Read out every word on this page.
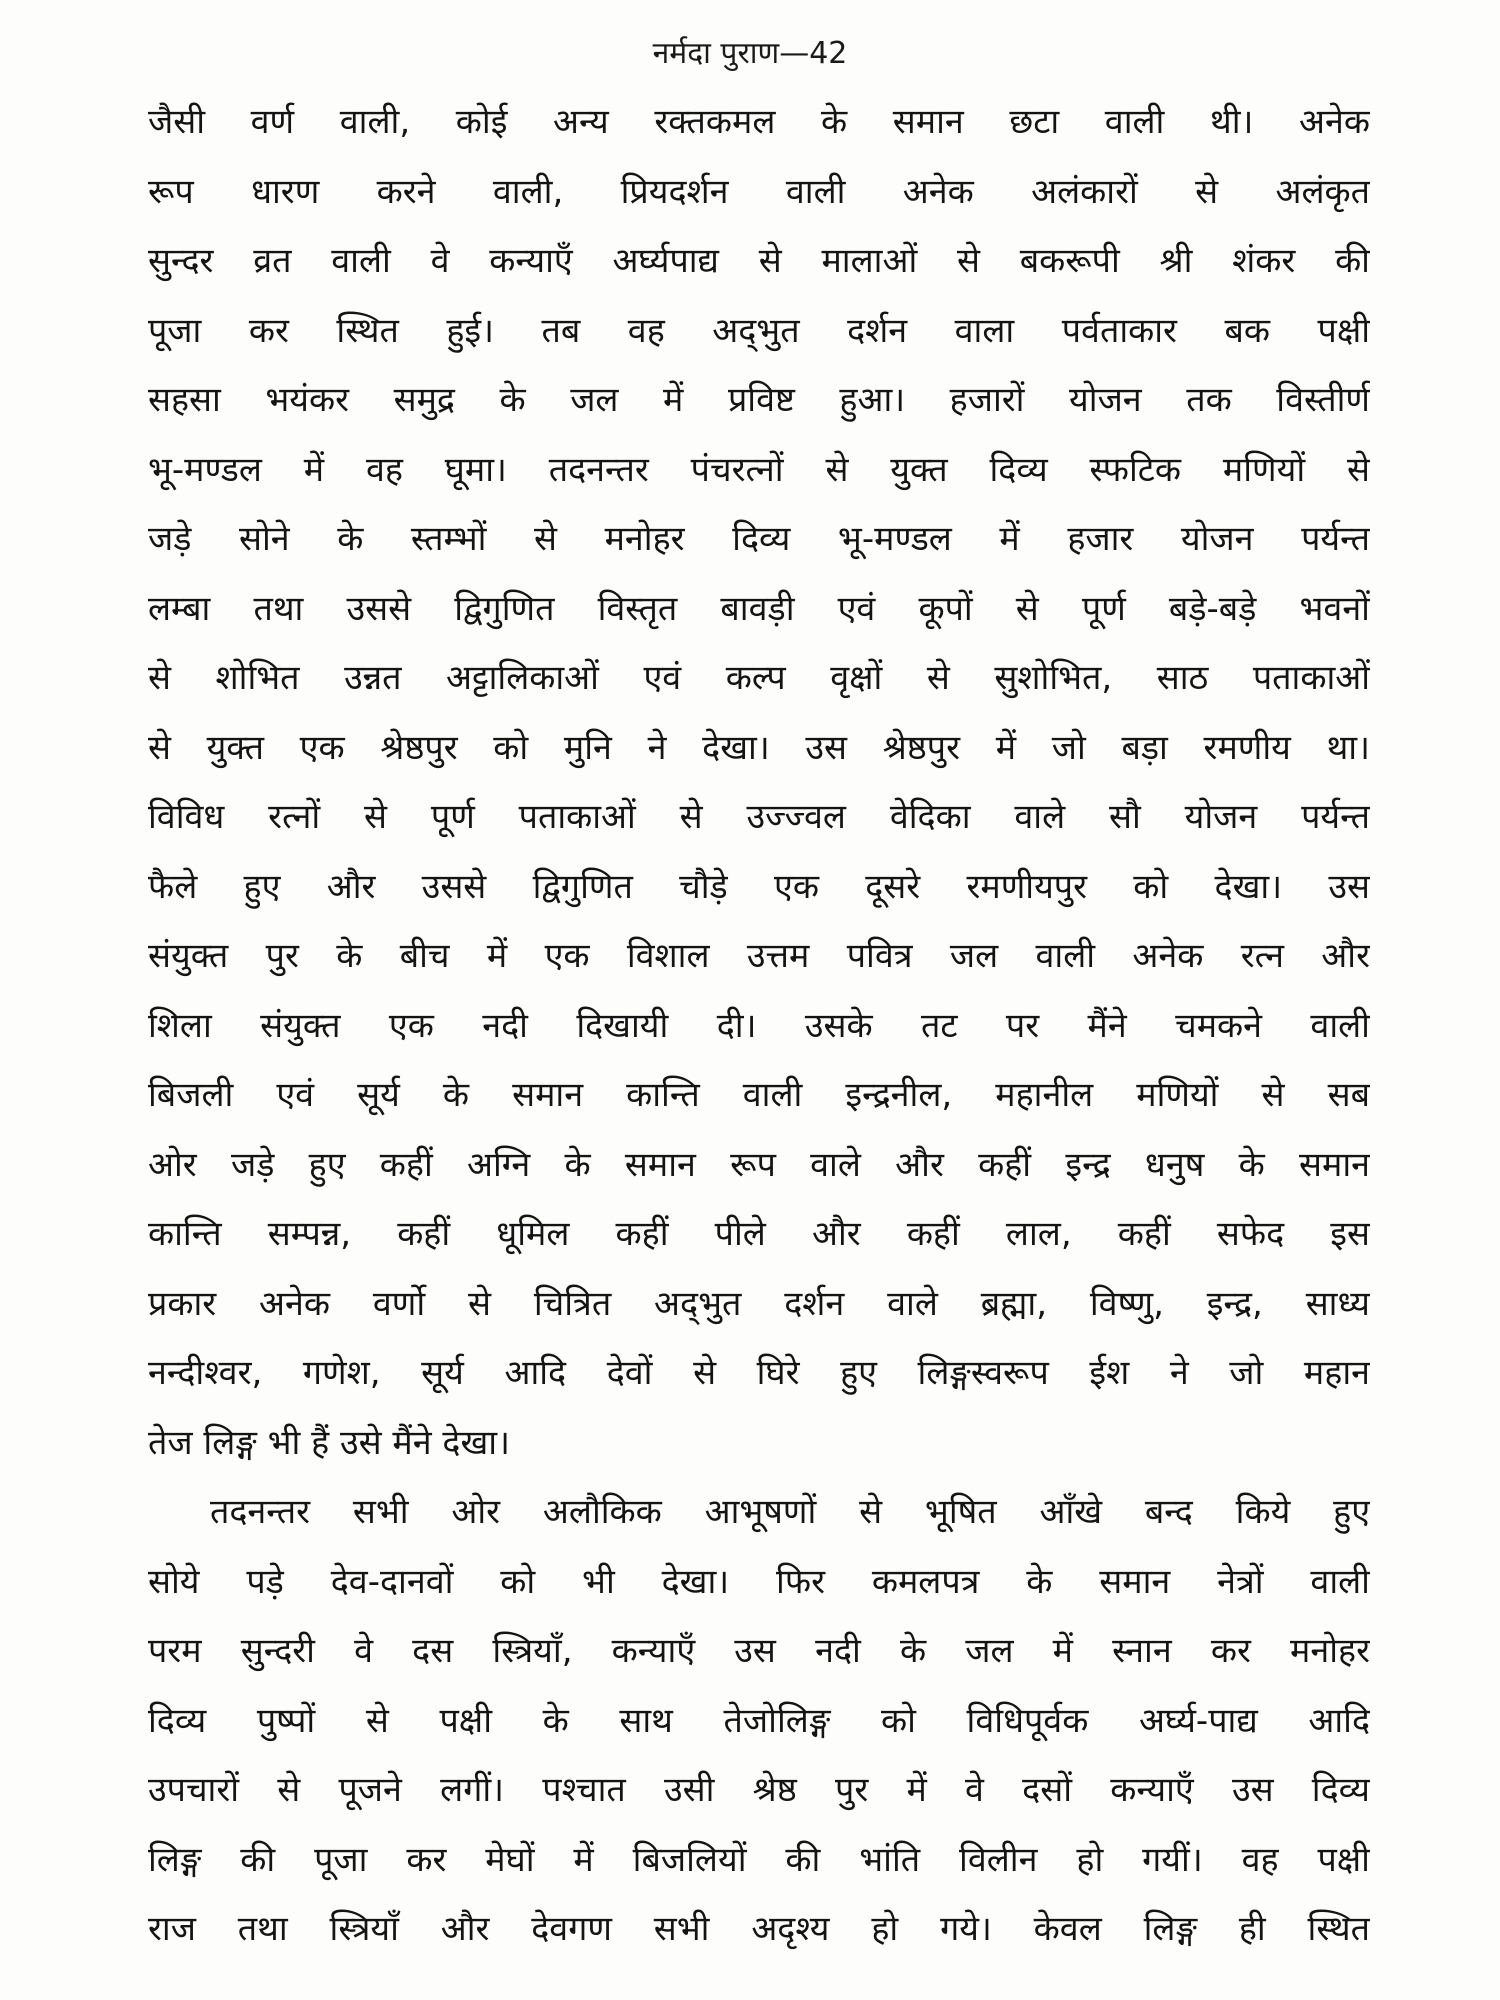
नर्मदा पुराण—42
जैसी वर्ण वाली, कोई अन्य रक्तकमल के समान छटा वाली थी। अनेक
रूप धारण करने वाली, प्रियदर्शन वाली अनेक अलंकारों से अलंकृत
सुन्दर व्रत वाली वे कन्याएँ अर्घ्यपाद्य से मालाओं से बकरूपी श्री शंकर की
पूजा कर स्थित हुई। तब वह अद्‌भुत दर्शन वाला पर्वताकार बक पक्षी
सहसा भयंकर समुद्र के जल में प्रविष्ट हुआ। हजारों योजन तक विस्तीर्ण
भू-मण्डल में वह घूमा। तदनन्तर पंचरत्नों से युक्त दिव्य स्फटिक मणियों से
जड़े सोने के स्तम्भों से मनोहर दिव्य भू-मण्डल में हजार योजन पर्यन्त
लम्बा तथा उससे द्विगुणित विस्तृत बावड़ी एवं कूपों से पूर्ण बड़े-बड़े भवनों
से शोभित उन्नत अट्टालिकाओं एवं कल्प वृक्षों से सुशोभित, साठ पताकाओं
से युक्त एक श्रेष्ठपुर को मुनि ने देखा। उस श्रेष्ठपुर में जो बड़ा रमणीय था।
विविध रत्नों से पूर्ण पताकाओं से उज्ज्वल वेदिका वाले सौ योजन पर्यन्त
फैले हुए और उससे द्विगुणित चौड़े एक दूसरे रमणीयपुर को देखा। उस
संयुक्त पुर के बीच में एक विशाल उत्तम पवित्र जल वाली अनेक रत्न और
शिला संयुक्त एक नदी दिखायी दी। उसके तट पर मैंने चमकने वाली
बिजली एवं सूर्य के समान कान्ति वाली इन्द्रनील, महानील मणियों से सब
ओर जड़े हुए कहीं अग्नि के समान रूप वाले और कहीं इन्द्र धनुष के समान
कान्ति सम्पन्न, कहीं धूमिल कहीं पीले और कहीं लाल, कहीं सफेद इस
प्रकार अनेक वर्णो से चित्रित अद्‌भुत दर्शन वाले ब्रह्मा, विष्णु, इन्द्र, साध्य
नन्दीश्वर, गणेश, सूर्य आदि देवों से घिरे हुए लिङ्गस्वरूप ईश ने जो महान
तेज लिङ्ग भी हैं उसे मैंने देखा।
तदनन्तर सभी ओर अलौकिक आभूषणों से भूषित आँखे बन्द किये हुए
सोये पड़े देव-दानवों को भी देखा। फिर कमलपत्र के समान नेत्रों वाली
परम सुन्दरी वे दस स्त्रियाँ, कन्याएँ उस नदी के जल में स्नान कर मनोहर
दिव्य पुष्पों से पक्षी के साथ तेजोलिङ्ग को विधिपूर्वक अर्घ्य-पाद्य आदि
उपचारों से पूजने लगीं। पश्चात उसी श्रेष्ठ पुर में वे दसों कन्याएँ उस दिव्य
लिङ्ग की पूजा कर मेघों में बिजलियों की भांति विलीन हो गयीं। वह पक्षी
राज तथा स्त्रियाँ और देवगण सभी अदृश्य हो गये। केवल लिङ्ग ही स्थित
